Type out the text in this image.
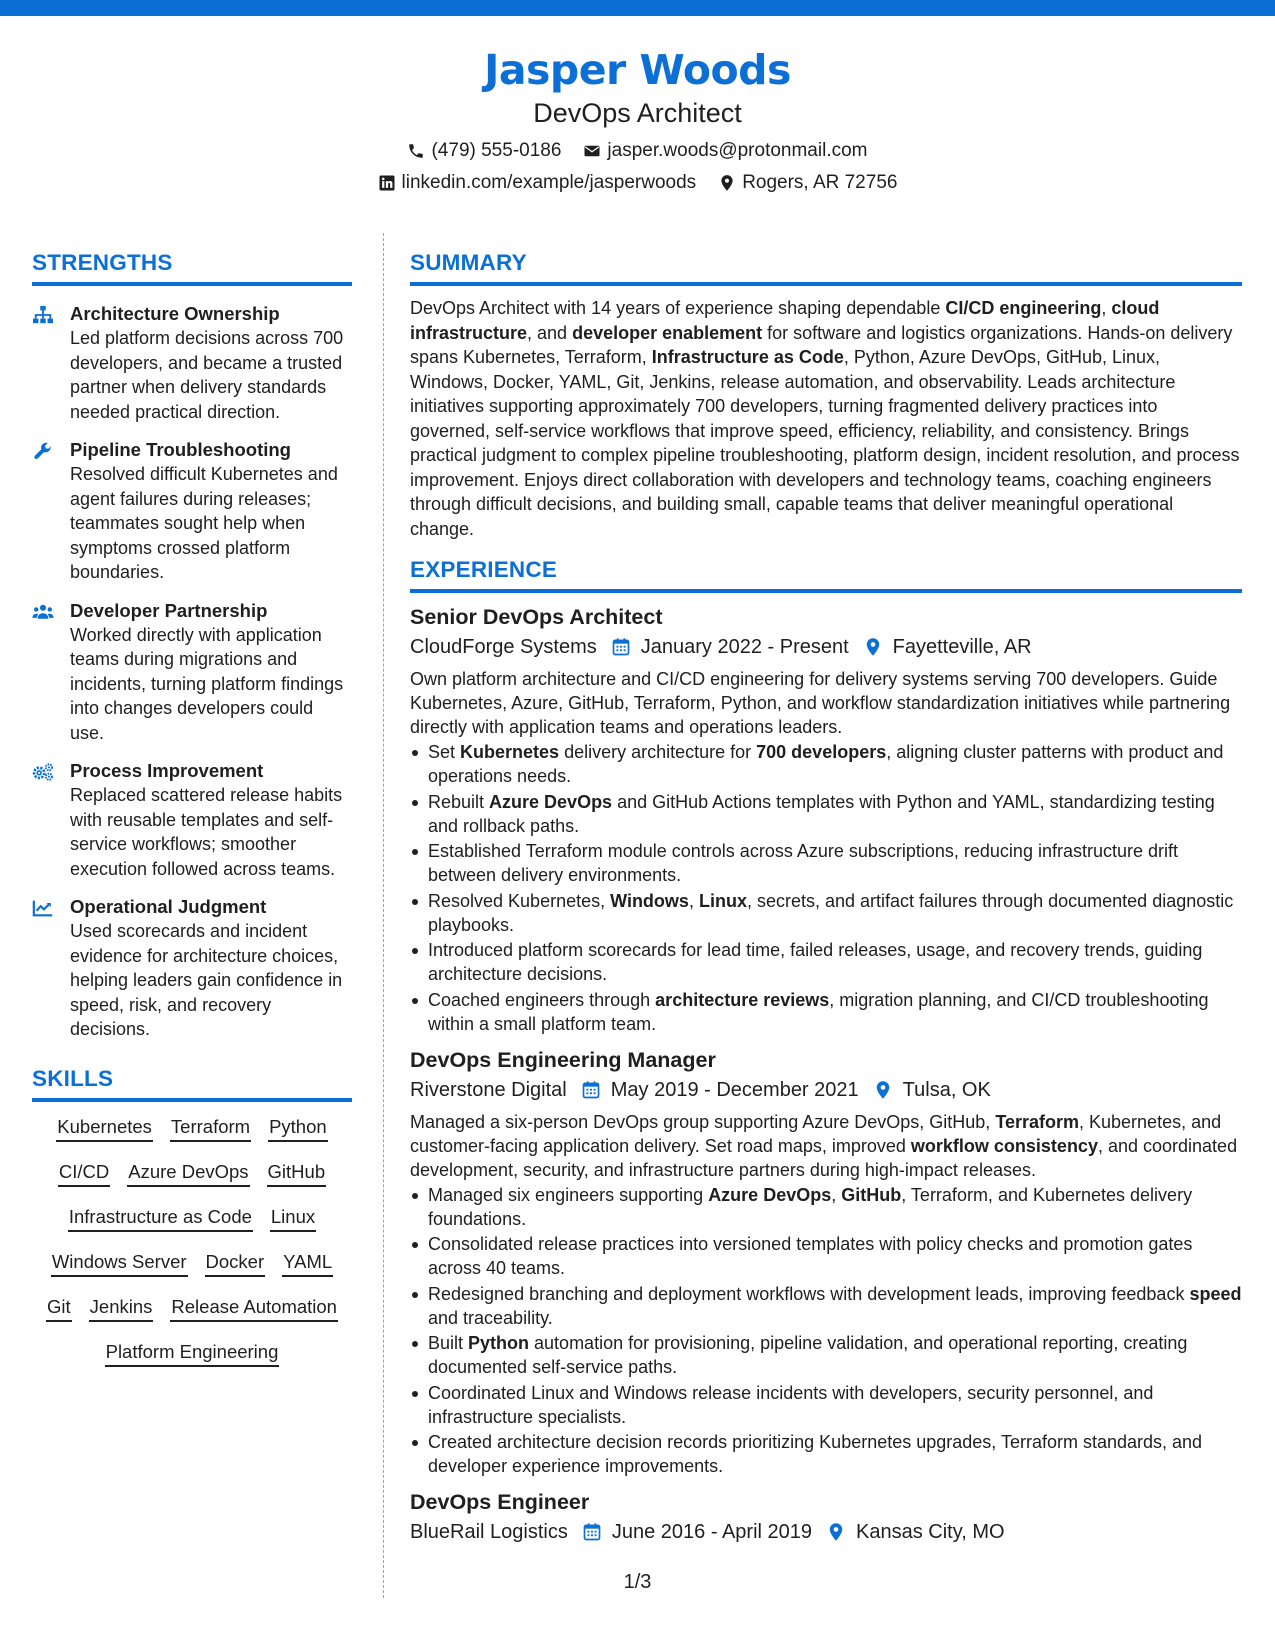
Jasper Woods
DevOps Architect
(479) 555-0186 jasper.woods@protonmail.com
linkedin.com/example/jasperwoods Rogers, AR 72756
STRENGTHS
Architecture Ownership
Led platform decisions across 700 developers, and became a trusted partner when delivery standards needed practical direction.
Pipeline Troubleshooting
Resolved difficult Kubernetes and agent failures during releases; teammates sought help when symptoms crossed platform boundaries.
Developer Partnership
Worked directly with application teams during migrations and incidents, turning platform findings into changes developers could use.
Process Improvement
Replaced scattered release habits with reusable templates and self-service workflows; smoother execution followed across teams.
Operational Judgment
Used scorecards and incident evidence for architecture choices, helping leaders gain confidence in speed, risk, and recovery decisions.
SKILLS
Kubernetes Terraform Python
CI/CD Azure DevOps GitHub
Infrastructure as Code Linux
Windows Server Docker YAML
Git Jenkins Release Automation
Platform Engineering
SUMMARY

DevOps Architect with 14 years of experience shaping dependable CI/CD engineering, cloud infrastructure, and developer enablement for software and logistics organizations. Hands-on delivery spans Kubernetes, Terraform, Infrastructure as Code, Python, Azure DevOps, GitHub, Linux, Windows, Docker, YAML, Git, Jenkins, release automation, and observability. Leads architecture initiatives supporting approximately 700 developers, turning fragmented delivery practices into governed, self-service workflows that improve speed, efficiency, reliability, and consistency. Brings practical judgment to complex pipeline troubleshooting, platform design, incident resolution, and process improvement. Enjoys direct collaboration with developers and technology teams, coaching engineers through difficult decisions, and building small, capable teams that deliver meaningful operational change.

EXPERIENCE
Senior DevOps Architect
CloudForge Systems January 2022 - Present Fayetteville, AR

Own platform architecture and CI/CD engineering for delivery systems serving 700 developers. Guide Kubernetes, Azure, GitHub, Terraform, Python, and workflow standardization initiatives while partnering directly with application teams and operations leaders.

Set Kubernetes delivery architecture for 700 developers, aligning cluster patterns with product and operations needs.
Rebuilt Azure DevOps and GitHub Actions templates with Python and YAML, standardizing testing and rollback paths.
Established Terraform module controls across Azure subscriptions, reducing infrastructure drift between delivery environments.
Resolved Kubernetes, Windows, Linux, secrets, and artifact failures through documented diagnostic playbooks.
Introduced platform scorecards for lead time, failed releases, usage, and recovery trends, guiding architecture decisions.
Coached engineers through architecture reviews, migration planning, and CI/CD troubleshooting within a small platform team.
DevOps Engineering Manager
Riverstone Digital May 2019 - December 2021 Tulsa, OK

Managed a six-person DevOps group supporting Azure DevOps, GitHub, Terraform, Kubernetes, and customer-facing application delivery. Set road maps, improved workflow consistency, and coordinated development, security, and infrastructure partners during high-impact releases.

Managed six engineers supporting Azure DevOps, GitHub, Terraform, and Kubernetes delivery foundations.
Consolidated release practices into versioned templates with policy checks and promotion gates across 40 teams.
Redesigned branching and deployment workflows with development leads, improving feedback speed and traceability.
Built Python automation for provisioning, pipeline validation, and operational reporting, creating documented self-service paths.
Coordinated Linux and Windows release incidents with developers, security personnel, and infrastructure specialists.
Created architecture decision records prioritizing Kubernetes upgrades, Terraform standards, and developer experience improvements.
DevOps Engineer
BlueRail Logistics June 2016 - April 2019 Kansas City, MO
1/3
